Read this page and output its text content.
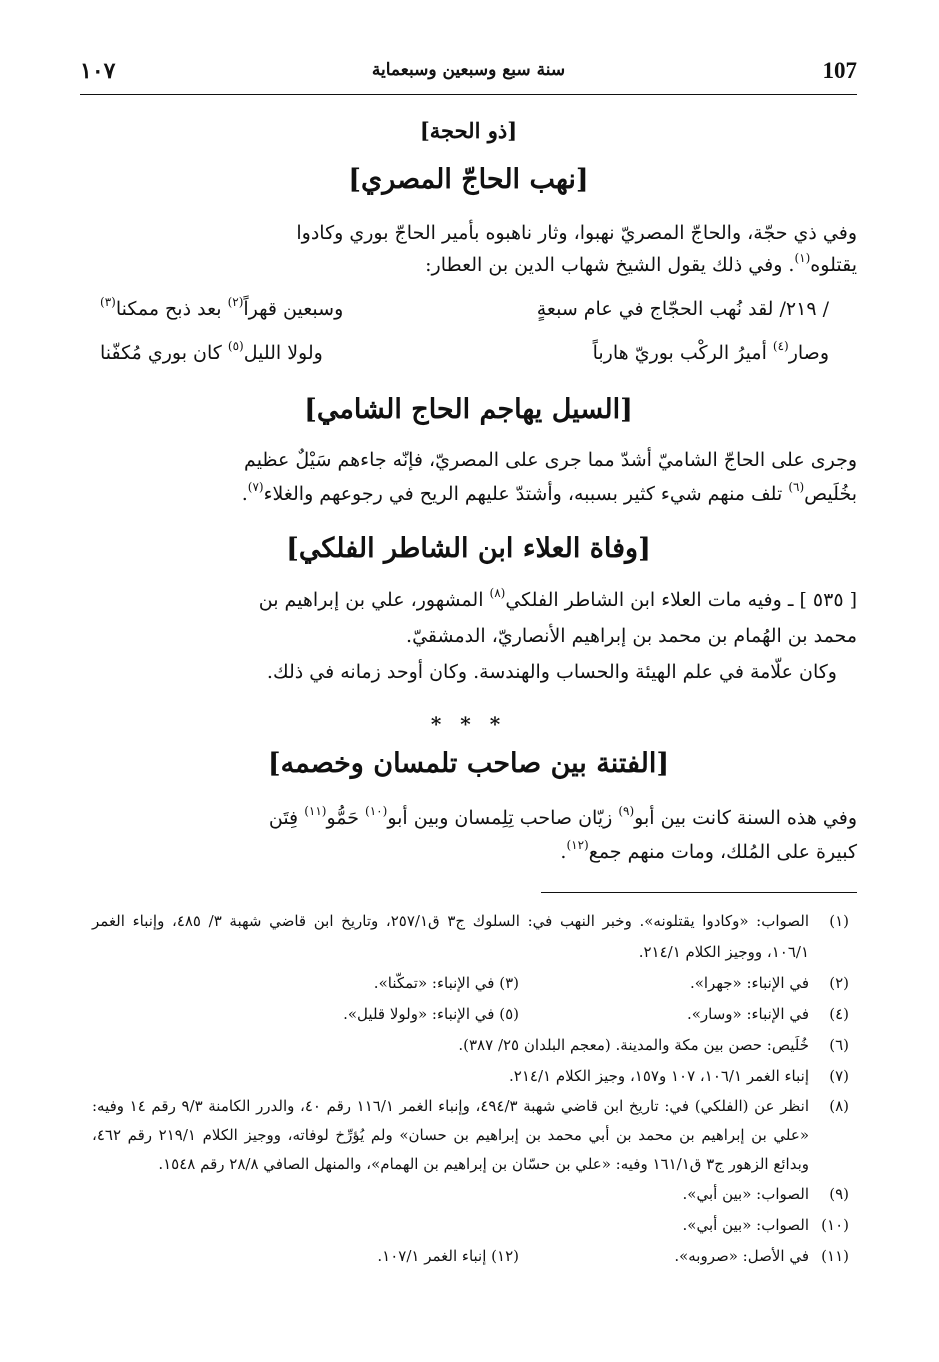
107
سنة سبع وسبعين وسبعماية
١٠٧
[ذو الحجة]
[نهب الحاجّ المصري]
وفي ذي حجّة، والحاجّ المصريّ نهبوا، وثار ناهبوه بأمير الحاجّ بوري وكادوا
يقتلوه$^{(١)}$. وفي ذلك يقول الشيخ شهاب الدين بن العطار:
/ ٢١٩/ لقد نُهب الحجّاج في عام سبعةٍ
وسبعين قهراً$^{(٢)}$ بعد ذبح ممكنا$^{(٣)}$
وصار$^{(٤)}$ أميرُ الركْب بوريّ هارباً
ولولا الليل$^{(٥)}$ كان بوري مُكفّنا
[السيل يهاجم الحاج الشامي]
وجرى على الحاجّ الشاميّ أشدّ مما جرى على المصريّ، فإنّه جاءهم سَيْلٌ عظيم
بخُلَيص$^{(٦)}$ تلف منهم شيء كثير بسببه، وأشتدّ عليهم الريح في رجوعهم والغلاء$^{(٧)}$.
[وفاة العلاء ابن الشاطر الفلكي]
[ ٥٣٥ ] ـ وفيه مات العلاء ابن الشاطر الفلكي$^{(٨)}$ المشهور، علي بن إبراهيم بن
محمد بن الهُمام بن محمد بن إبراهيم الأنصاريّ، الدمشقيّ.
وكان علّامة في علم الهيئة والحساب والهندسة. وكان أوحد زمانه في ذلك.
* * *
[الفتنة بين صاحب تلمسان وخصمه]
وفي هذه السنة كانت بين أبو$^{(٩)}$ زيّان صاحب تِلِمسان وبين أبو$^{(١٠)}$ حَمُّو$^{(١١)}$ فِتَن
كبيرة على المُلك، ومات منهم جمع$^{(١٢)}$.
(١)
الصواب: «وكادوا يقتلونه». وخبر النهب في: السلوك ج٣ ق٢٥٧/١، وتاريخ ابن قاضي شهبة ٣/ ٤٨٥، وإنباء الغمر ١٠٦/١، ووجيز الكلام ٢١٤/١.
(٢)
في الإنباء: «جهرا».
(٣) في الإنباء: «تمكّنا».
(٤)
في الإنباء: «وسار».
(٥) في الإنباء: «ولولا قليل».
(٦)
خُلَيص: حصن بين مكة والمدينة. (معجم البلدان ٢٥/ ٣٨٧).
(٧)
إنباء الغمر ١٠٦/١، ١٠٧ و١٥٧، وجيز الكلام ٢١٤/١.
(٨)
انظر عن (الفلكي) في: تاريخ ابن قاضي شهبة ٤٩٤/٣، وإنباء الغمر ١١٦/١ رقم ٤٠، والدرر الكامنة ٩/٣ رقم ١٤ وفيه: «علي بن إبراهيم بن محمد بن أبي محمد بن إبراهيم بن حسان» ولم يُؤرِّخ لوفاته، ووجيز الكلام ٢١٩/١ رقم ٤٦٢، وبدائع الزهور ج٣ ق١٦١/١ وفيه: «علي بن حسّان بن إبراهيم بن الهمام»، والمنهل الصافي ٢٨/٨ رقم ١٥٤٨.
(٩)
الصواب: «بين أبي».
(١٠)
الصواب: «بين أبي».
(١١)
في الأصل: «صروبه».
(١٢) إنباء الغمر ١٠٧/١.
